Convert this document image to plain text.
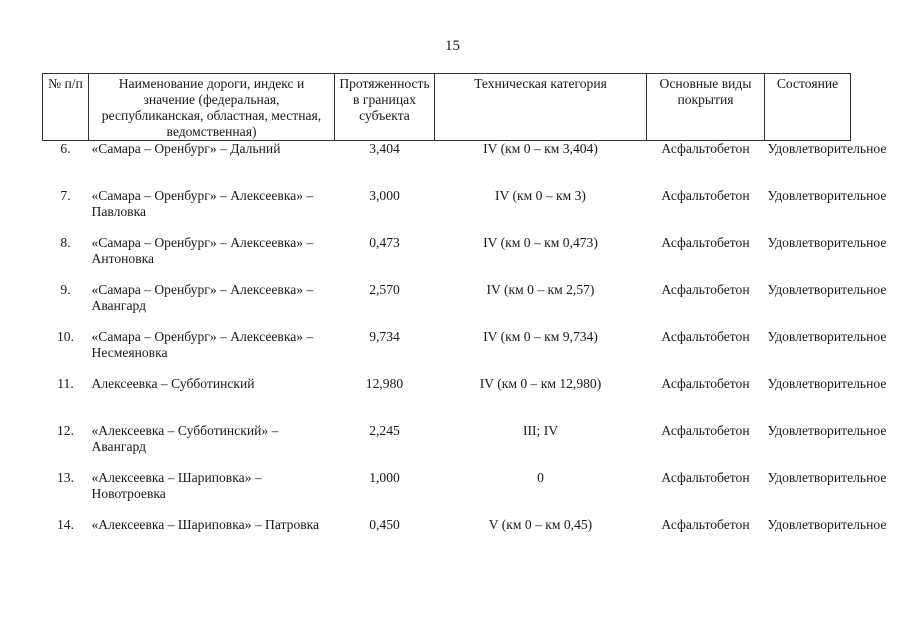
15
№ п/п	Наименование дороги, индекс и значение (федеральная, республиканская, областная, местная, ведомственная)	Протяженность в границах субъекта	Техническая категория	Основные виды покрытия	Состояние
6.	«Самара – Оренбург» – Дальний	3,404	IV (км 0 – км 3,404)	Асфальтобетон	Удовлетворительное
7.	«Самара – Оренбург» – Алексеевка» – Павловка	3,000	IV (км 0 – км 3)	Асфальтобетон	Удовлетворительное
8.	«Самара – Оренбург» – Алексеевка» – Антоновка	0,473	IV (км 0 – км 0,473)	Асфальтобетон	Удовлетворительное
9.	«Самара – Оренбург» – Алексеевка» – Авангард	2,570	IV (км 0 – км 2,57)	Асфальтобетон	Удовлетворительное
10.	«Самара – Оренбург» – Алексеевка» – Несмеяновка	9,734	IV (км 0 – км 9,734)	Асфальтобетон	Удовлетворительное
11.	Алексеевка – Субботинский	12,980	IV (км 0 – км 12,980)	Асфальтобетон	Удовлетворительное
12.	«Алексеевка – Субботинский» – Авангард	2,245	III; IV	Асфальтобетон	Удовлетворительное
13.	«Алексеевка – Шариповка» – Новотроевка	1,000	0	Асфальтобетон	Удовлетворительное
14.	«Алексеевка – Шариповка» – Патровка	0,450	V (км 0 – км 0,45)	Асфальтобетон	Удовлетворительное
